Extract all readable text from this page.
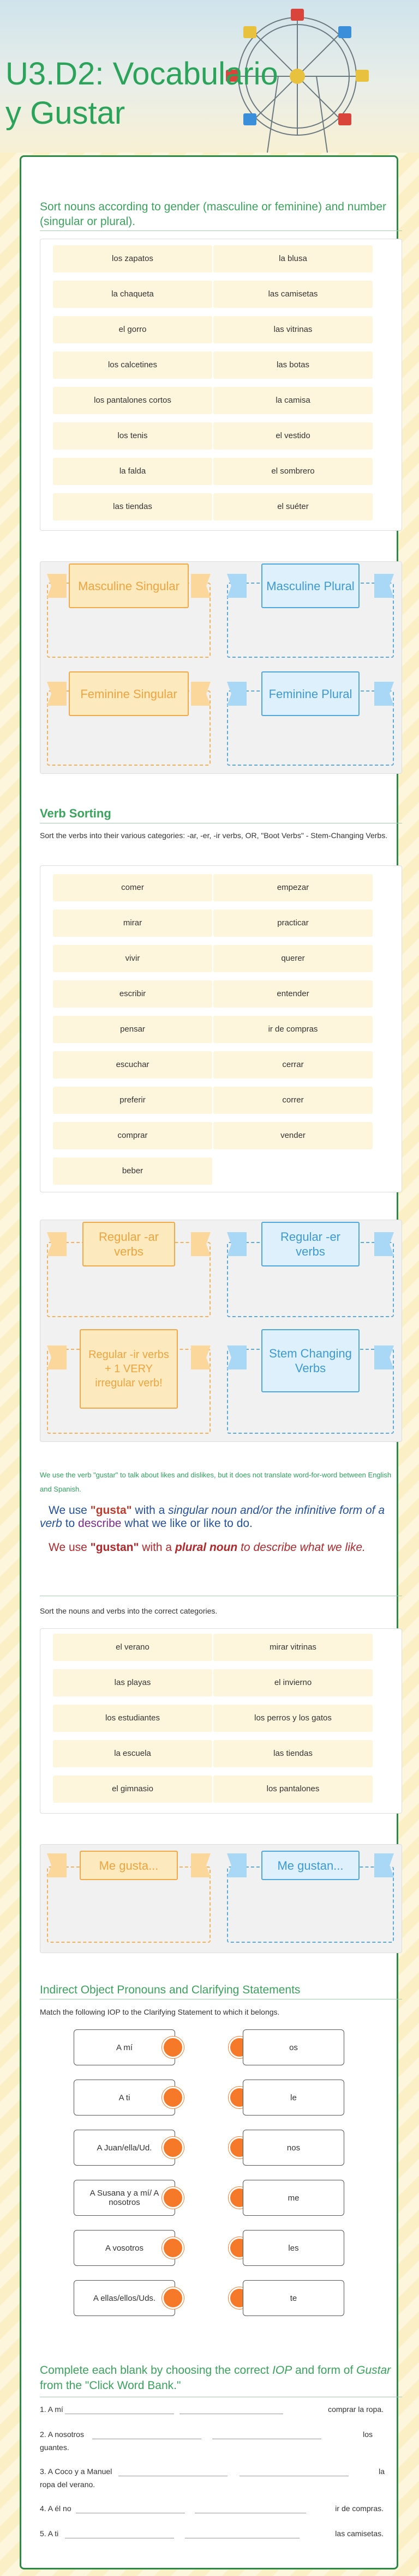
U3.D2: Vocabulario y Gustar
Sort nouns according to gender (masculine or feminine) and number (singular or plural).
los zapatos	la blusa
la chaqueta	las camisetas
el gorro	las vitrinas
los calcetines	las botas
los pantalones cortos	la camisa
los tenis	el vestido
la falda	el sombrero
las tiendas	el suéter
Masculine Singular	Masculine Plural
Feminine Singular	Feminine Plural
Verb Sorting
Sort the verbs into their various categories: -ar, -er, -ir verbs, OR, "Boot Verbs" - Stem-Changing Verbs.
comer	empezar
mirar	practicar
vivir	querer
escribir	entender
pensar	ir de compras
escuchar	cerrar
preferir	correr
comprar	vender
beber
Regular -ar verbs
Regular -er verbs
Regular -ir verbs + 1 VERY irregular verb!
Stem Changing Verbs
We use the verb "gustar" to talk about likes and dislikes, but it does not translate word-for-word between English and Spanish.
We use "gusta" with a singular noun and/or the infinitive form of a verb to describe what we like or like to do.
We use "gustan" with a plural noun to describe what we like.
Sort the nouns and verbs into the correct categories.
el verano	mirar vitrinas
las playas	el invierno
los estudiantes	los perros y los gatos
la escuela	las tiendas
el gimnasio	los pantalones
Me gusta...	Me gustan...
Indirect Object Pronouns and Clarifying Statements
Match the following IOP to the Clarifying Statement to which it belongs.
A mí	os
A ti	le
A Juan/ella/Ud.	nos
A Susana y a mí/ A nosotros	me
A vosotros	les
A ellas/ellos/Uds.	te
Complete each blank by choosing the correct IOP and form of Gustar from the "Click Word Bank."
1. A mí	comprar la ropa.
2. A nosotros	los
guantes.
3. A Coco y a Manuel	la
ropa del verano.
4. A él no	ir de compras.
5. A ti	las camisetas.
